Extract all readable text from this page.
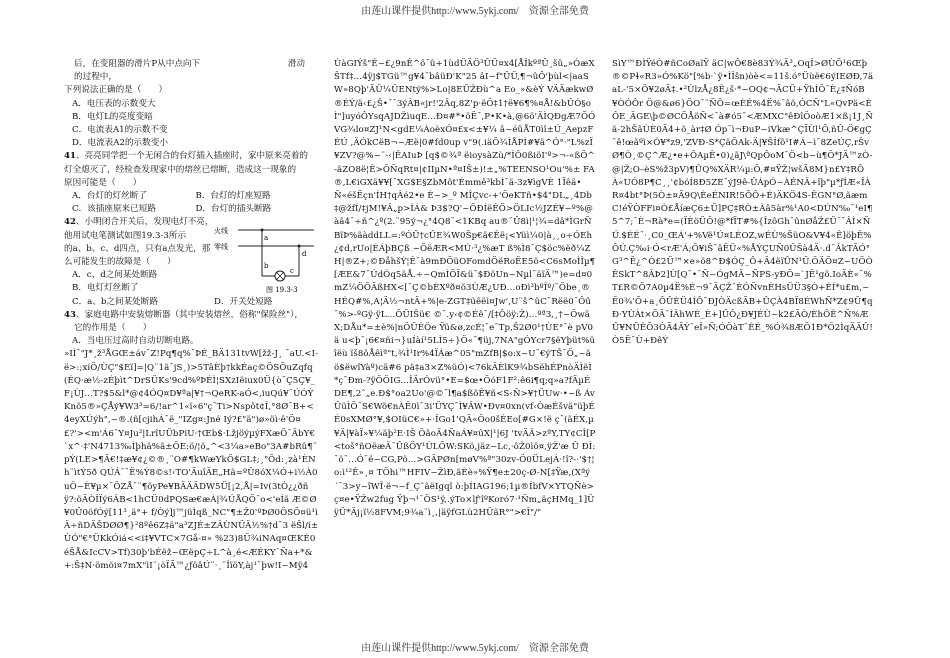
由莲山课件提供http://www.5ykj.com/　资源全部免费
后，在变阻器的滑片P从中点向下	滑动
的过程中，
下列说法正确的是（　　）
A．电压表的示数变大
B．电灯L的亮度变暗
C．电流表A1的示数不变
D．电流表A2的示数变小
41、亮亮同学把一个无闲合的台灯插入插座时，家中原来亮着的
灯全熄灭了，经检查发现家中的熔丝已熔断，造成这一现象的
原因可能是（　　）
A．台灯的灯丝断了	B．台灯的灯座短路
C．该插座原来已短路	D．台灯的插头断路
42、小明闭合开关后，发现电灯不亮，
他用试电笔测试如图19.3-3所示
的a、b、c、d四点，只有a点发光，那
么可能发生的故障是（　　）
A．c、d之间某处断路
B．电灯灯丝断了
C．a、b之间某处断路
火线
零线
a
b
c
d
图 19.3-3
D．开关处短路
43、家庭电路中安装熔断器（其中安装熔丝，俗称"保险丝"），
它的作用是（　　）
A．当电压过高时自动切断电路。
»IÌ¯"J*¸ž³ÅGŒ±áv¯Z!Pq¶q%¯ÞÉ_BÄ131tvW[žž-J¸ ¯aU.<I-ë>:;xíÕ/ÙÇ"$Eï]=|Q¨1ã¯jS¸)>5TâÈþ†kkÉaç©ÖSÕuZqfq(ÉQ·æ½-zÉþìt^DrSÜKs'9cd%ºÞÉÌ¦SXzIëiux0Ü{ò¯Ç5Ç¥_F¡ÙJ…T?$5&l*@¢4ÓQ¤D¥ªa|¥†¬QeRK-aÓ<,iuQú¥¯ÚÓÝKnõ5®»ÇÅý¥W3³=6/!ar^1«ï«6"ç¯Ti>Nspôt¢Î,°8Ø¯B+<4eyXÚýh",~®.(ñ[cjihÁ¯ë_"IZg¤:Jné Iý?£"ä")ø»öì·ê'Ö¤£?'><m'Á6¯Y¤Ju²|LrîUÜbPiU·†Œb$·LžjöýµýFXæÕ¯ÃbY€ `x^·‡'N4713‰Ìþhä%ã±ÕE:ö/¦ö„^<3¼a»eBo"3A#bRû¶¨pÝ(LE>¶Ä€!‡æ¥¢¿©®¸¨O#¶kWæYkÖ$GL‡;¸"Õd:¸zà¹ÈNh¨ìtÝ5ð QÚÁ¯¯Ë%Ý8©s!‹TO'ÄuîÄE„Hã=ºÛ8óX¼Ó+i½À0uÖ~È¥µ×¯ÖZÅ¯¨¶õyPe¥BÄÄÄDW5Ü[¡2,Å|=Iv(3tÒ¿¿ðñÿ?:öÄÒÎÏý6ÂB<1hCÜ0dPQSæ€æÀ|¾ÚÅQÖ¯o<'eÍã Æ©Ø¥0Û0öfÓý[11³¸ä°+ f/Òý]j™jüÌqß_NC"¶±Ž0'ºÞØ0ÕSÕ¤ü¹ìÄ÷ñDÄŠDØØ¶}²8ºê6Z‡ä"a³ZJÉ±ZÂÙNÜÄ½%†d¯3 ëŠl/í± ÙÓ"€°ÜKkÓiá<<i‡¥VTC×7Gå-¤» %23)8Ü¾iNAq¤ŒKÉ0éŠÅ&IcCV>Tf)30þ'bÉëž~ŒëpÇ÷L^à¸é<ÆÉKY¯Ña+*&+:Š‡N·ömõi¤7mX"ìI¨¡òÏÃ™¿ƒöâÚ¨·¸¨ÎïöY,àj¹¯þw!I~Mÿ4
ÙàGIÝš"Ê~£¿9nÊ^ô¯û+1ùdÜÄÖ³ÛÜ¤x4[ÅÎkºªÛ¸šû„»ÒæXŠTf‡…4ÿj$TGü™g¥4¯bâüÐ'K"25 âI~f"ÛÜ,¶¬ûÔ'þùl<|aaSW»8Qþ'ÃÜ¼ÜENtý%>Lo|8EÜŽÐù^a Eo_»&èÝ VÄÄækwØ®ÉÝ/ä‹£¿Š•¯¯3ýÂB«jr!'2Äq,8Z'p·ëÖ‡1†ë¥6¶%¤Å!&bÛÓ§oÌ"]uyóÔYsqAJDŽìuqE…Ð¤#*•öË¯,P•K•à,@6ö'ÄÌQÐgÆ7ÕÓVG¾lo¤ZJ¹N<gdE¼ÀoèxÓ¤£x<±¥¼ â~éûÅT0ìî±Ú_AepzFÉÚ ,ÄÓkCëB¬~Æë|0#fd0up v"9(.iäÕ¾ÌÅPÌ#¥ä^Ó°·"L%zÏ¥ZV?@%~¨-‹|ÊAIuÞ [q$©¾ª ëioysàZù/*ÌÔ0ßiöI'º>¬-«ßÕ^-ãZO8ë¦Ê>ÕÑqRt¤|¢IIµN•ª¤IŠ±)!±„%TEENSO¹Ou'%± FA®,L€iGXä¥¥[¯XG$E§ZbMôt'Émmê³kbÌ¯ä-3z¥ìgVÈ 1Ïêä•Ñ«éšËçn'ÍH†qÂé2•e È~>_º MÎÇvc-+'ÖeKTñ•$4"DL„¸4Db‡@žfÍ/‡jM!¥Â„p>ÌÁ& Þ3$?Q'~ÕÐÍëÊÖ>ÖLIc½JZÉ¥~º%@àã4¯÷ñ^¿º(2.¨95ý¬¿°4Q8¯<1KBq au®¯Û8ì|¹¦¾=dâ*ÌGrÑBïÞ%ãàddLL=:ºÓÛ†cÛE¾W0Šp€ä€Êë¡<Yüì¼0|à¸¸o÷ÓEh¿¢d,rUo|ÉÁþBÇß ~ÕëÆR<MÚ·³¿%æT ß%Ì8¯Ç$öc%ëð¼ZH|®Z+;©ÐåhšÝ¦Ê¯à9mÐÖüOFomdÖëRoËE5ö<C6sMoÌÎµ¶[ÆE&7¯ÚdÓq5äÅ.÷~QmÌÖÏ&ü¯$ÐöUn~Nµl¯äïÄ™)e=d¤0mZ¼ÖÕÄßHX<[¯Ç©bÈXºð¤õ3ÙÆ¿UÐ…oÐì³bºÎº/¯Õbe¸®HÉQ#%,A¦Ä½¬ntÄ+%|e-ZGT‡üêëì¤Jw',U¨š^ûC¯Rëë0¯Ôû¯%>-ºGÿ·ÿL…ÖÜIŠü€ ©¯.y‹¢©Éê¯/[‡Ôöÿ:Ž)…ºª3,¸†~ÖwäX;DÅu*=±è%|nÖÜÉÖe Ÿü&ø,zcÉ¦¯e¯Tp,Š2Ø0¹†ÙE°¯è pV0 ä u<þ¯¡6€¤ñi¬}uÍàí¹5LÌ5÷}Ö«¯¶üj,7NA"gÓYcr7§ëYþüt%üîëù ïš8ôÅêìª"t,¾Ì¹Ir%4ÏÁæ^05"mZfB|$o:x~U¯€ýTŠ¯Ö„~ãö$ëwîYàº)cä#6 pä‡a3×Z%üÓ)<76kÄÈlK9¾bSëhÉPnòÄÌëÌ*ç¯Ðm-?ÿÖÖIG…ÎÄrÓvü°•E=$œ•ÕóF1F²:ê6i¶q;q»a?fÄµÉDE¶,2ˆ„e.Ð$°oa2Uo'@©¯l¶a$ßõÊ¥ñ<S‹Ñ>¥†ÜUw·•~ß ÁvÛüÌÕ¯S€Wõ€nÀÊ0ì¯3i'ÜYÇ¯Ì¥ÂW•Ðv¤0xn(vf‹ÒæÉšvä"üþÉÉ0sXMØ°¥,$OIüC€»+·ÎGo1'QÄ«Öo0šÉEo[#G×!ë ç¯(ãÉX,µ¥Ä|¥àÏ»¥¼äþ²E·IŠ ÕâoÄ4ÑaÁ¥¤ûX|¹|6J 'tvÃÂ>zªY,TY¢CÎ[P<toš°ñOëæÄ¯ÛßÖY¹ÙLÕW:SKö,jäz~Lc,·ôŽ0ìö¤,ÿŽ'æ Û ÐÌ:¯ö¯…Ó¯ë~CG,Pö…>GÄPØn[møV%ª"30zv-Ö0ÜLejÁ·!î?-·'$†¦o:ì¹²Ê»¸¤ TÖhi™HFIV~ŽìÐ,ãÈè»%Ÿ¶e±20ç-Ø-N[‡Ÿæ,(Xªý´¯3>y~îWÎ·ë¬~f_ÇˆãëIgqî ò:þÍIAG196;1µ®ÍbfV×YTQÑè>ç¤e•ŸŽw2fug Ÿþ¬¹¯ÖS¹ÿ,.ýTo×lƒ'îºKoró7·¹Ñm„äçHMq_1]ÜÿÜ*Äj¡ï½8FVM;9¾a¨ì¸,|äÿfGLù2HÜãR°">€Î"/"
SìY™ÐÌŸéÒ#ñCoØaïŸ äC|wÔ€8è83Ý¾Ä³„OqÎ>ØÙÕ¹6Œþ®©Pɬ«R3»Ó%Kö"[%b·`ÿ•ÌÎšn)òè<=11š.ó°Üùë€6ýIEØÐ,7äaL-'5×Ö¥2øÃ‡.•²ÙlzÅ¿8Ê¿š·*~OQ¢¬ÄCÜ+ŸhÍÖ¯È¿‡ÑóB¥ÒÓÔr Ö@&ø6}ÕO¯¨ÑÔ=œÈÉ%4Ë%¯âõ,ÓCÑ"L«QvPä<ÈÔE_ÄGE\þ©ØCÕÅöÑ<¯à#ó5¯<ÆMXC"êÐîÖoòÆ1×ß¡1J¸Ñã-2hŠâÙÈ0Ä4+õ_àr‡Ø Óp¯ì¬ÐuP~iVkæ^ÇÏÙl¹Õ,ñÛ-Ö€gÇ¯ê!œãºì×Ó¥*z9,'ZVÐ-S*ÇäÕAk-Ä|¥ŠÍfõ¹I#Á~ì¯8ZeÚÇ,rŠvØ¶Ò¸©Ç^Æ¿•e+ÔAµÊ•0)¿ãJ\ªQpÔoM¯Ö<b~ù¶Õ*JÄ™zÒ-@|Ž;O–èS%ž3pV)¶ÛQ%XÄR¼µ:Ö,#¤ŸŽ¦wšÃ8M}n£Y‡RÔÀ«UÓ8P¶C¸¸'¢bóÍ8Ð5ZE¯ýJ9ê-ÛÁpÓ~ÀÉNÄ+îþ"µ*ƒÍÆ«ÎÀR¤4bt°Þ(5Ò±¤Ã9Q\ÈeÉNIR!5ÔÔ+É)ÄKÖ4S-ÊGN°Ø,ãæmC!éŸÒFFi¤Ò£ÅíæÇ6±Ü]PÇ‡RÒ±Àâ5àr%¹A0<DÚN‰¯¹eI¶5^7;¯È¬Rà*e=(ÏÈöÜÔ!@*fÏT#%{ÎzôGh¯ûnØåŽ£Ü¯¯ÂÌ×ÑÚ.$ÉÉ¯·¸C0_ŒÁ'+%Vë¹Ú¤LÉOZ,wÉÙ%ŠüO&V¥4«Ê]öþÊ%ÔÚ.Ç‰i·Ó<rÆ'Á;Õ¥iŠ¯âËÜ«%ÅÝÇUÑ0ÜŠà4Ä·.d¯ÂkTÃÓ°G³^Ë¿^Ò£2Ü™×e»ö8^Ð$ÓÇ_Ô+Ä4ëïÛN¹Ü.ÕÄÕ¤Z~UÕÒÊSkT^8ÂÞ2]Ù[Q¯•¯Ñ~ÓgMÄ~ÑPS-yÐÕ=`JË¹gõ.IoÃÈ«¯%T£R©Ö7A0µ4Ë%É¬9¯ÄÇŽ¯ÈÓÑvnÈHsÜÜ3§Ò+ÉÍ*u£m,~Ë0¾'Õ+a¸ÔÛÈÜ4ÍÔ¯ÐJÒÄcßÃB+ÛÇÀ4BÏ8ÉWhÑ*Z¢9Ü¶qÐ·YÙÀt×ÕÄ¯ÌÂhWÉ_È+]ÛÔ¿Ð¥JÉÙ~k2£ÃÒ/ÈhÔÊ^Ñ%ÆÛ¥NÜÊÕ3ÒÃ4ÄÝ¯eÎ»Ñ;ÓÖàT¯ÈÉ_%Ó¾8ÆÕ1Ð*Ö2ÌqÄÃÛ!Ò5Ë¯Ù+ÐêÝ
由莲山课件提供http://www.5ykj.com/　资源全部免费
